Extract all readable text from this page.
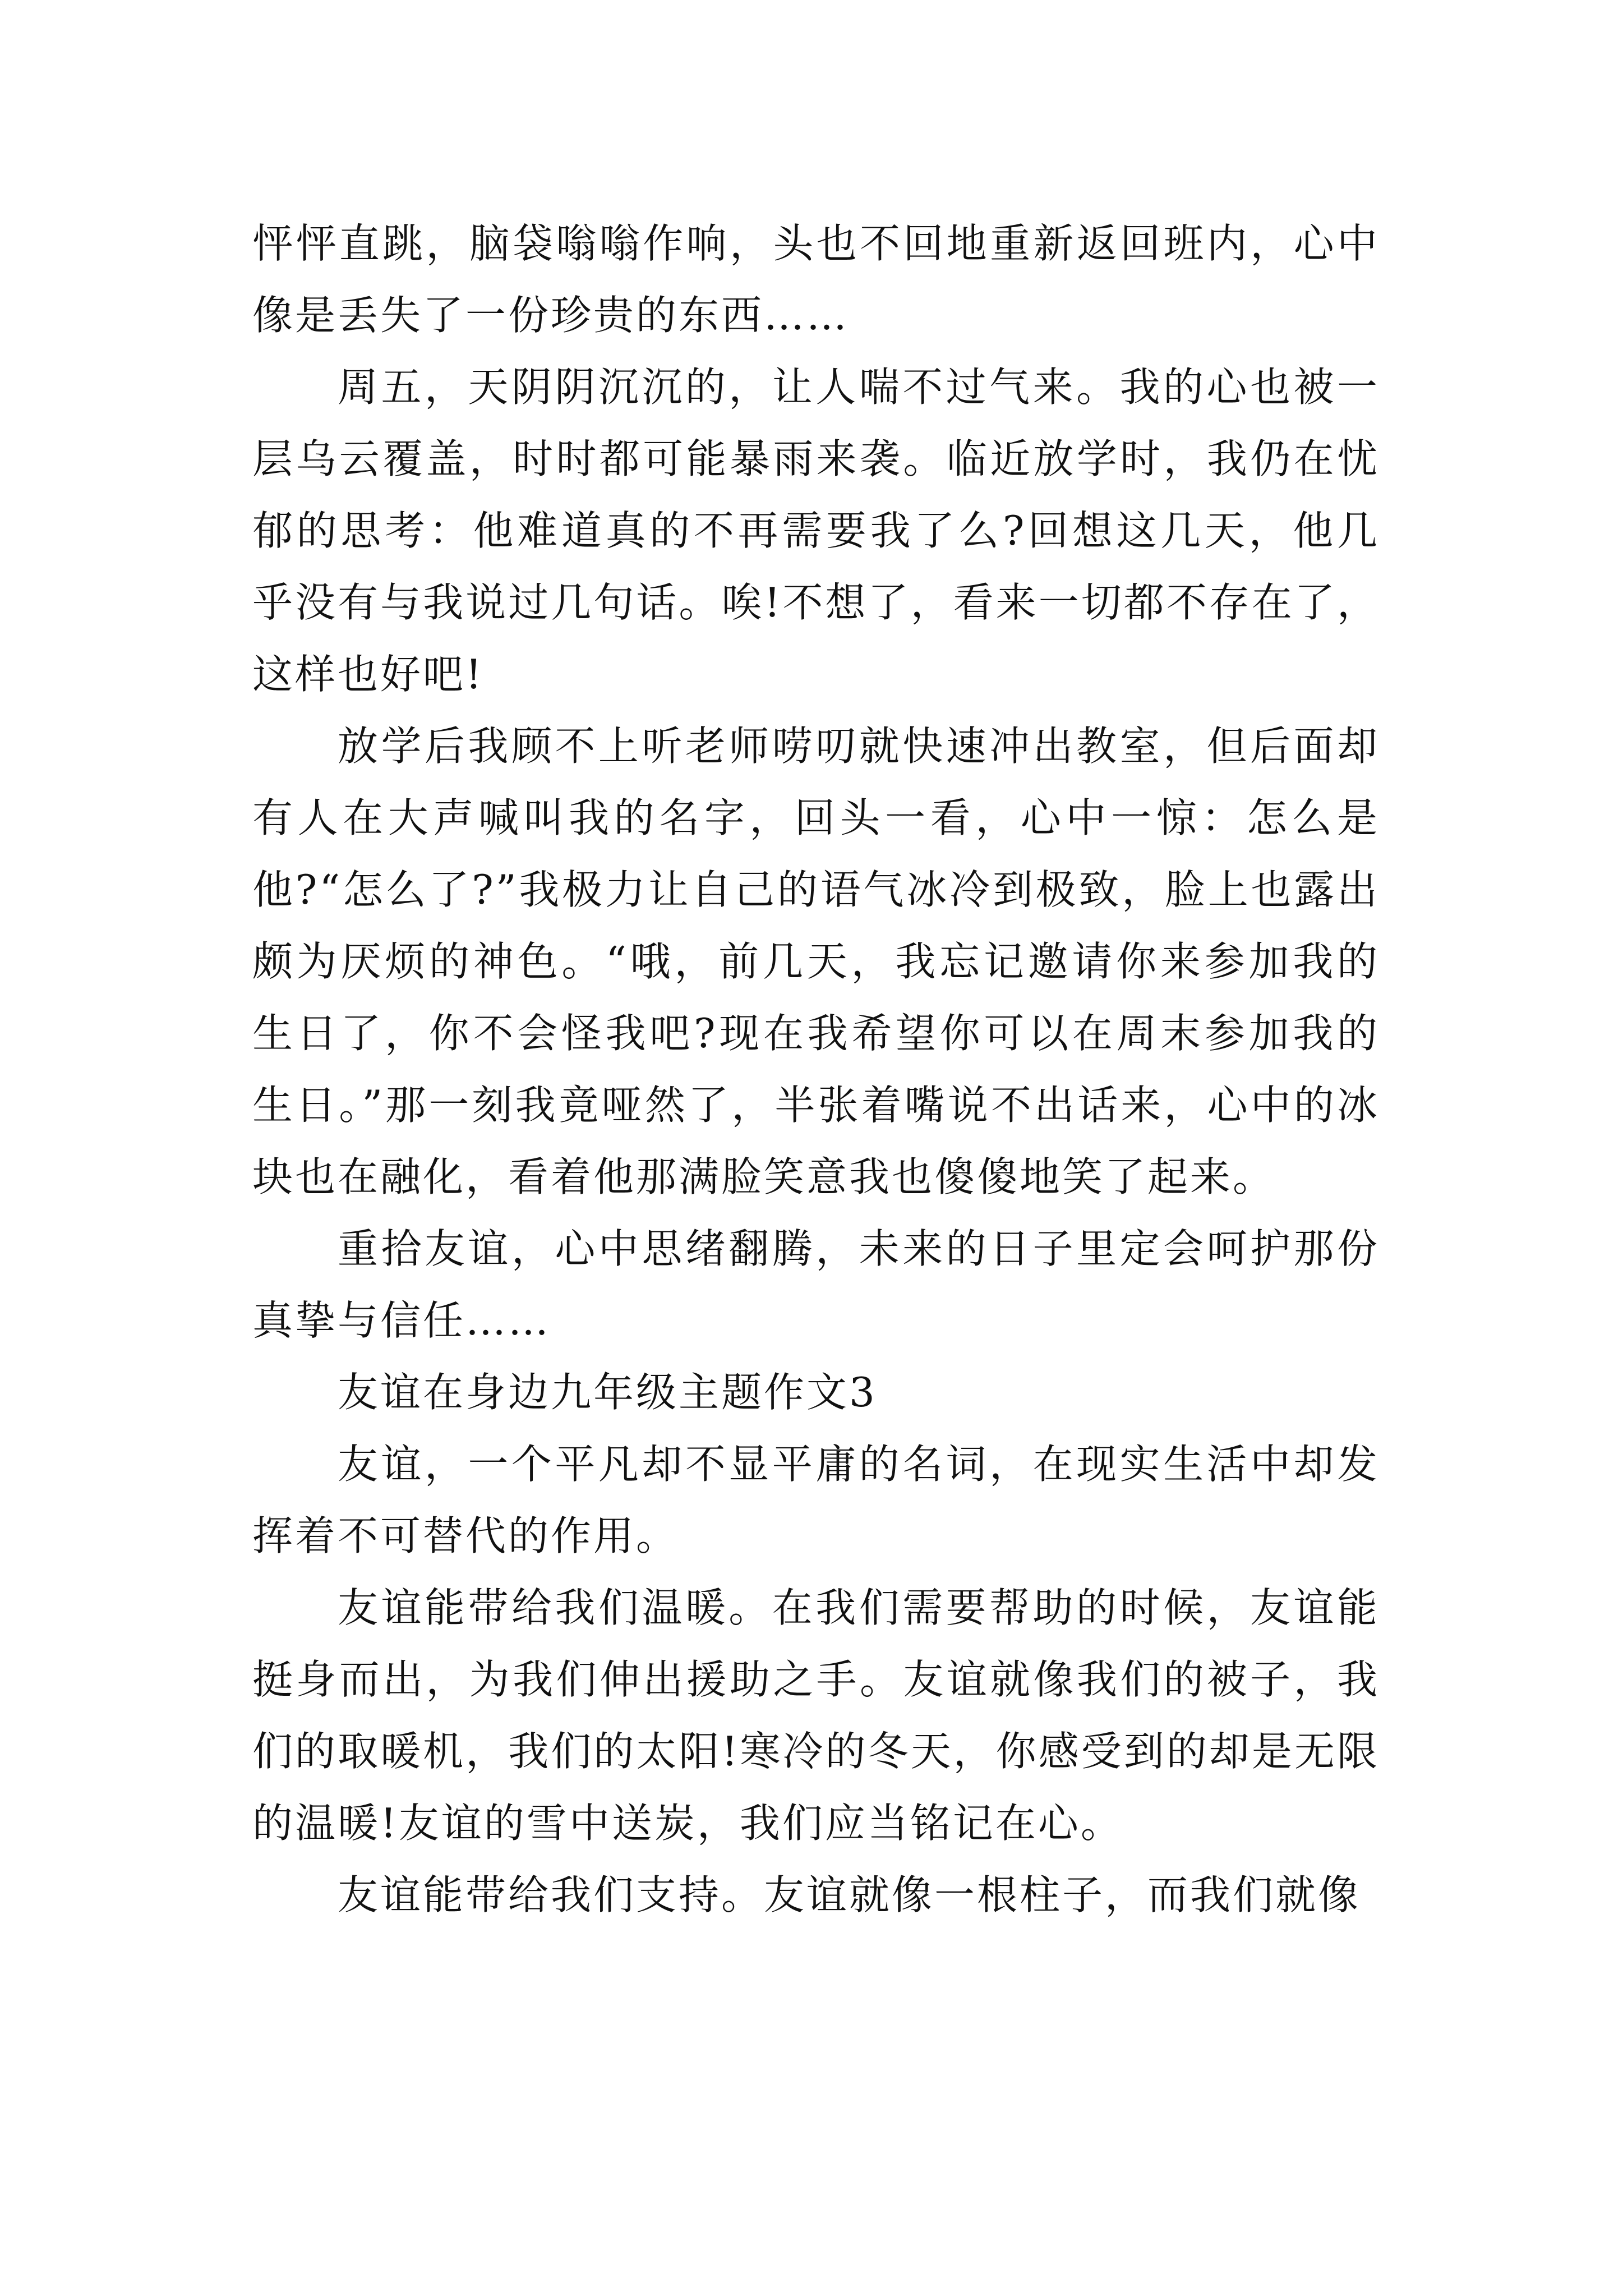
怦怦直跳，脑袋嗡嗡作响，头也不回地重新返回班内，心中像是丢失了一份珍贵的东西……

周五，天阴阴沉沉的，让人喘不过气来。我的心也被一层乌云覆盖，时时都可能暴雨来袭。临近放学时，我仍在忧郁的思考：他难道真的不再需要我了么?回想这几天，他几乎没有与我说过几句话。唉!不想了，看来一切都不存在了，这样也好吧!

放学后我顾不上听老师唠叨就快速冲出教室，但后面却有人在大声喊叫我的名字，回头一看，心中一惊：怎么是他?“怎么了?”我极力让自己的语气冰冷到极致，脸上也露出颇为厌烦的神色。“哦，前几天，我忘记邀请你来参加我的生日了，你不会怪我吧?现在我希望你可以在周末参加我的生日。”那一刻我竟哑然了，半张着嘴说不出话来，心中的冰块也在融化，看着他那满脸笑意我也傻傻地笑了起来。

重拾友谊，心中思绪翻腾，未来的日子里定会呵护那份真挚与信任……

友谊在身边九年级主题作文3

友谊，一个平凡却不显平庸的名词，在现实生活中却发挥着不可替代的作用。

友谊能带给我们温暖。在我们需要帮助的时候，友谊能挺身而出，为我们伸出援助之手。友谊就像我们的被子，我们的取暖机，我们的太阳!寒冷的冬天，你感受到的却是无限的温暖!友谊的雪中送炭，我们应当铭记在心。

友谊能带给我们支持。友谊就像一根柱子，而我们就像
